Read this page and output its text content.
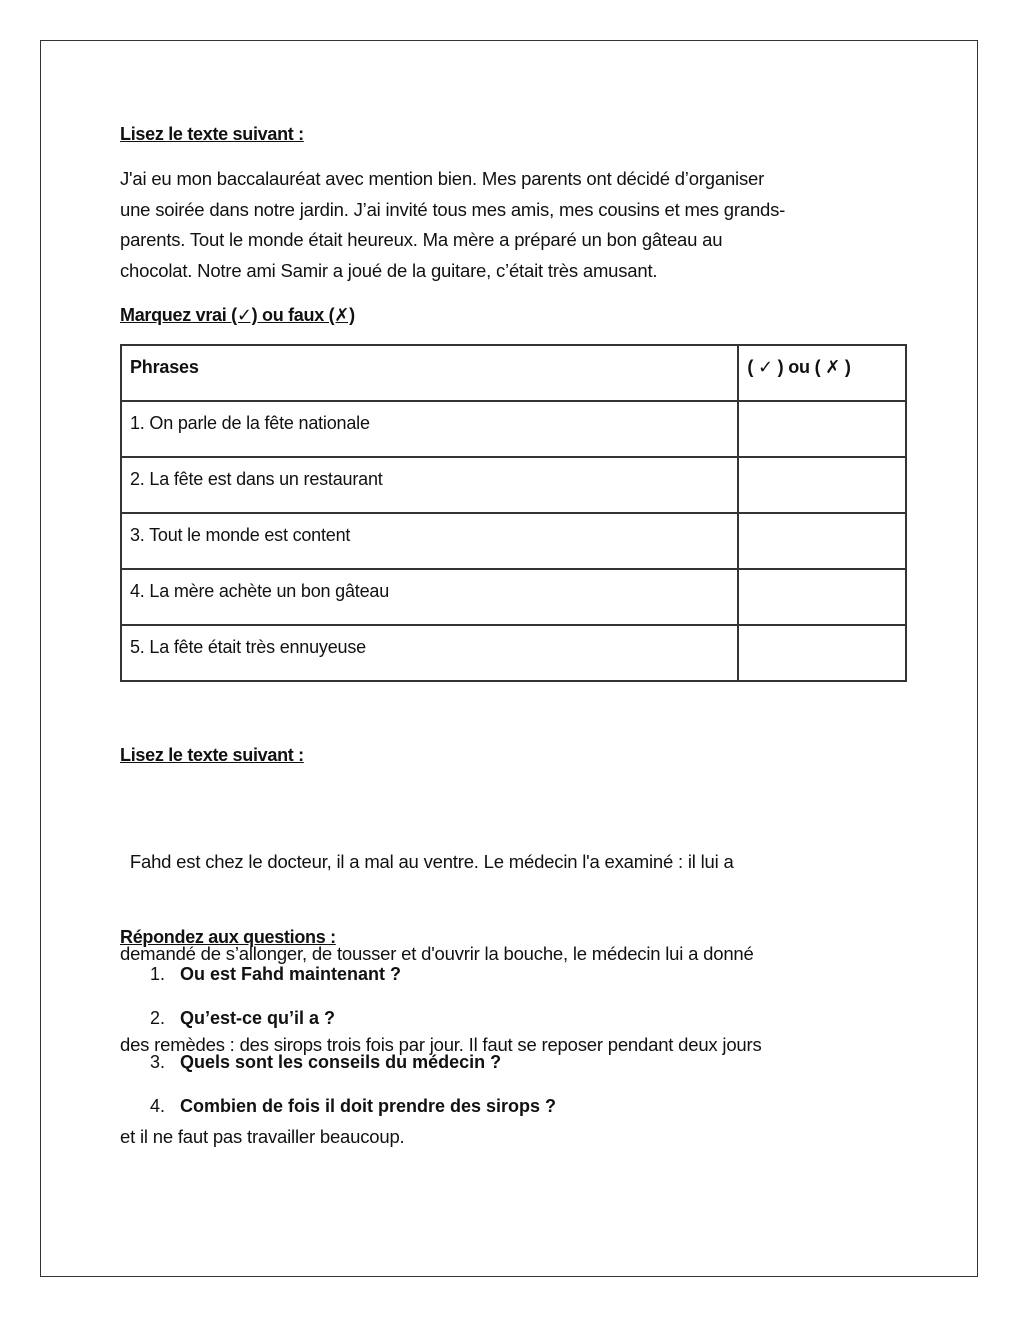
Lisez le texte suivant :
J'ai eu mon baccalauréat avec mention bien. Mes parents ont décidé d’organiser
une soirée dans notre jardin. J’ai invité tous mes amis, mes cousins et mes grands-
parents. Tout le monde était heureux. Ma mère a préparé un bon gâteau au
chocolat. Notre ami Samir a joué de la guitare, c’était très amusant.
Marquez vrai (✓) ou faux (✗)
Phrases	( ✓ ) ou ( ✗ )
1. On parle de la fête nationale	
2. La fête est dans un restaurant	
3. Tout le monde est content	
4. La mère achète un bon gâteau	
5. La fête était très ennuyeuse	
Lisez le texte suivant :

Fahd est chez le docteur, il a mal au ventre. Le médecin l'a examiné : il lui a

demandé de s’allonger, de tousser et d'ouvrir la bouche, le médecin lui a donné

des remèdes : des sirops trois fois par jour. Il faut se reposer pendant deux jours

et il ne faut pas travailler beaucoup.

Répondez aux questions :
1. Ou est Fahd maintenant ?
2. Qu’est-ce qu’il a ?
3. Quels sont les conseils du médecin ?
4. Combien de fois il doit prendre des sirops ?
